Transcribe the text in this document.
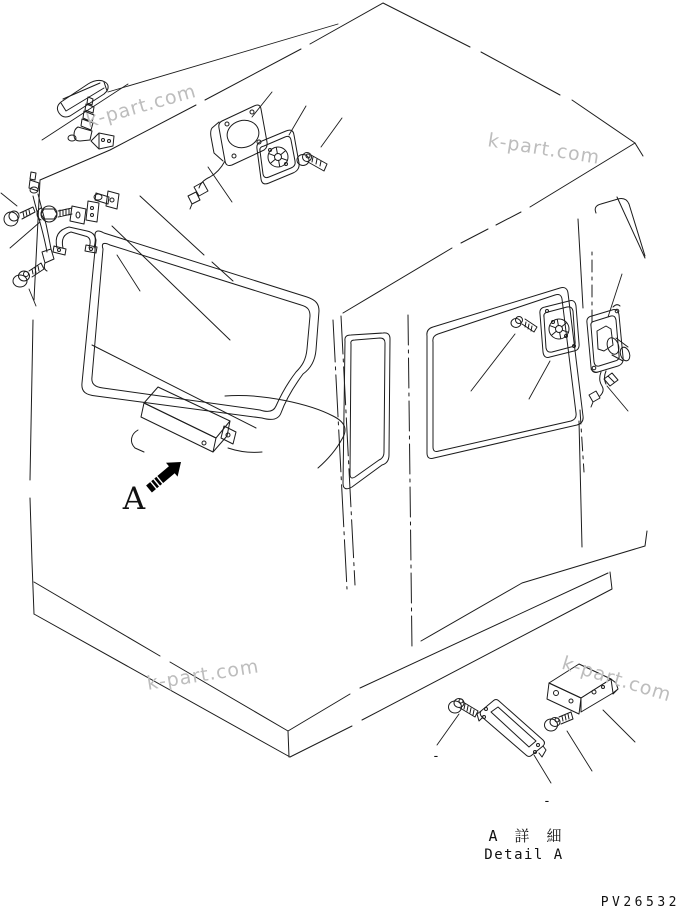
A
k-part.com
k-part.com
k-part.com	k-part.com
-
-
A 詳 細
Detail A
PV26532
